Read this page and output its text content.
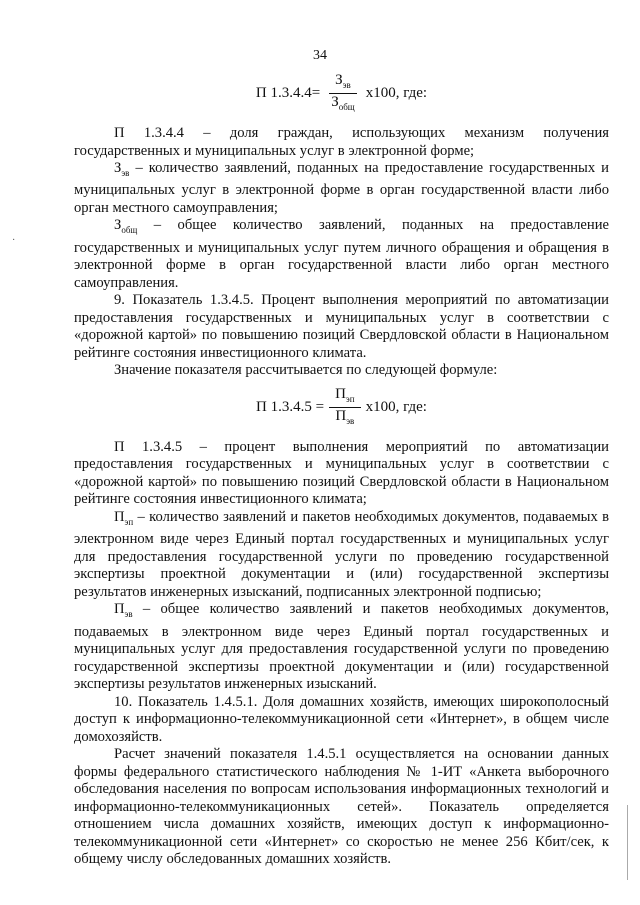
34
·
П $1.3.4.4= \frac{З_{эв}}{З_{общ}} х100$, где:

П 1.3.4.4 – доля граждан, использующих механизм получения государственных и муниципальных услуг в электронной форме;

$З_{эв}$ – количество заявлений, поданных на предоставление государственных и муниципальных услуг в электронной форме в орган государственной власти либо орган местного самоуправления;

$З_{общ}$ – общее количество заявлений, поданных на предоставление государственных и муниципальных услуг путем личного обращения и обращения в электронной форме в орган государственной власти либо орган местного самоуправления.

9. Показатель 1.3.4.5. Процент выполнения мероприятий по автоматизации предоставления государственных и муниципальных услуг в соответствии с «дорожной картой» по повышению позиций Свердловской области в Национальном рейтинге состояния инвестиционного климата.

Значение показателя рассчитывается по следующей формуле:

П $1.3.4.5 = \frac{П_{эп}}{П_{эв}} х100$, где:

П 1.3.4.5 – процент выполнения мероприятий по автоматизации предоставления государственных и муниципальных услуг в соответствии с «дорожной картой» по повышению позиций Свердловской области в Национальном рейтинге состояния инвестиционного климата;

$П_{эп}$ – количество заявлений и пакетов необходимых документов, подаваемых в электронном виде через Единый портал государственных и муниципальных услуг для предоставления государственной услуги по проведению государственной экспертизы проектной документации и (или) государственной экспертизы результатов инженерных изысканий, подписанных электронной подписью;

$П_{эв}$ – общее количество заявлений и пакетов необходимых документов, подаваемых в электронном виде через Единый портал государственных и муниципальных услуг для предоставления государственной услуги по проведению государственной экспертизы проектной документации и (или) государственной экспертизы результатов инженерных изысканий.

10. Показатель 1.4.5.1. Доля домашних хозяйств, имеющих широкополосный доступ к информационно-телекоммуникационной сети «Интернет», в общем числе домохозяйств.

Расчет значений показателя 1.4.5.1 осуществляется на основании данных формы федерального статистического наблюдения № 1-ИТ «Анкета выборочного обследования населения по вопросам использования информационных технологий и информационно-телекоммуникационных сетей». Показатель определяется отношением числа домашних хозяйств, имеющих доступ к информационно-телекоммуникационной сети «Интернет» со скоростью не менее 256 Кбит/сек, к общему числу обследованных домашних хозяйств.
